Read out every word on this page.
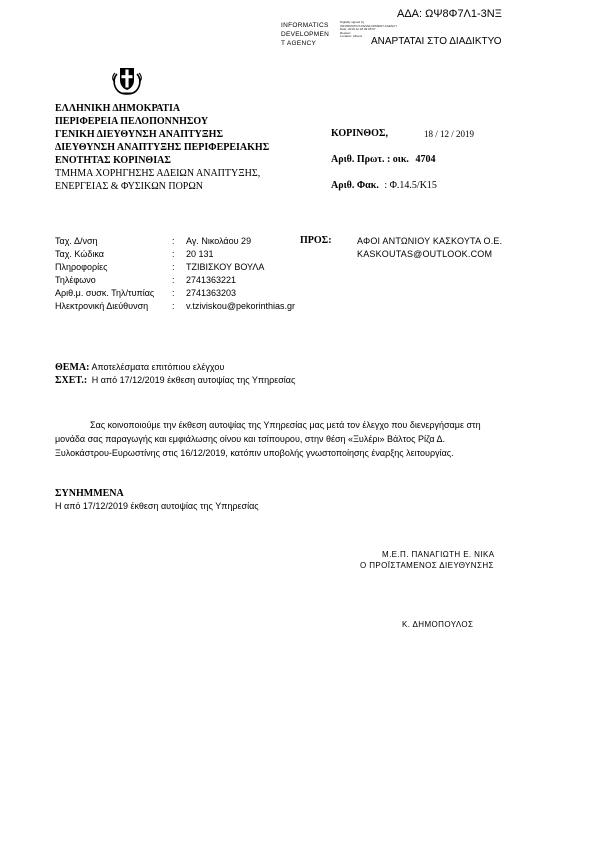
ΑΔΑ: ΩΨ8Φ7Λ1-3ΝΞ
INFORMATICS
DEVELOPMEN
T AGENCY
Digitally signed by
INFORMATICS DEVELOPMENT AGENCY
Date: 2019.12.18 09:05:07
Reason:
Location: Athens ΑΝΑΡΤΑΤΑΙ ΣΤΟ ΔΙΑΔΙΚΤΥΟ
ΕΛΛΗΝΙΚΗ ΔΗΜΟΚΡΑΤΙΑ
ΠΕΡΙΦΕΡΕΙΑ ΠΕΛΟΠΟΝΝΗΣΟΥ
ΓΕΝΙΚΗ ΔΙΕΥΘΥΝΣΗ ΑΝΑΠΤΥΞΗΣ
ΔΙΕΥΘΥΝΣΗ ΑΝΑΠΤΥΞΗΣ ΠΕΡΙΦΕΡΕΙΑΚΗΣ
ΕΝΟΤΗΤΑΣ ΚΟΡΙΝΘΙΑΣ
ΤΜΗΜΑ ΧΟΡΗΓΗΣΗΣ ΑΔΕΙΩΝ ΑΝΑΠΤΥΞΗΣ,
ΕΝΕΡΓΕΙΑΣ & ΦΥΣΙΚΩΝ ΠΟΡΩΝ
ΚΟΡΙΝΘΟΣ,	18 / 12 / 2019
Αριθ. Πρωτ. : οικ. 4704
Αριθ. Φακ. : Φ.14.5/Κ15
Ταχ. Δ/νση	: Αγ. Νικολάου 29
Ταχ. Κώδικα	: 20 131
Πληροφορίες	: ΤΖΙΒΙΣΚΟΥ ΒΟΥΛΑ
Τηλέφωνο	: 2741363221
Αριθ.μ. συσκ. Τηλ/τυπίας : 2741363203
Ηλεκτρονική Διεύθυνση	: v.tziviskou@pekorinthias.gr
ΠΡΟΣ:	ΑΦΟΙ ΑΝΤΩΝΙΟΥ ΚΑΣΚΟΥΤΑ Ο.Ε.
KASKOUTAS@OUTLOOK.COM
ΘΕΜΑ: Αποτελέσματα επιτόπιου ελέγχου
ΣΧΕΤ.: Η από 17/12/2019 έκθεση αυτοψίας της Υπηρεσίας
Σας κοινοποιούμε την έκθεση αυτοψίας της Υπηρεσίας μας μετά τον έλεγχο που διενεργήσαμε στη
μονάδα σας παραγωγής και εμφιάλωσης οίνου και τσίπουρου, στην θέση «Ξυλέρι» Βάλτος Ρίζα Δ.
Ξυλοκάστρου-Ευρωστίνης στις 16/12/2019, κατόπιν υποβολής γνωστοποίησης έναρξης λειτουργίας.
ΣΥΝΗΜΜΕΝΑ
Η από 17/12/2019 έκθεση αυτοψίας της Υπηρεσίας
Μ.Ε.Π. ΠΑΝΑΓΙΩΤΗ Ε. ΝΙΚΑ
Ο ΠΡΟΪΣΤΑΜΕΝΟΣ ΔΙΕΥΘΥΝΣΗΣ
Κ. ΔΗΜΟΠΟΥΛΟΣ
